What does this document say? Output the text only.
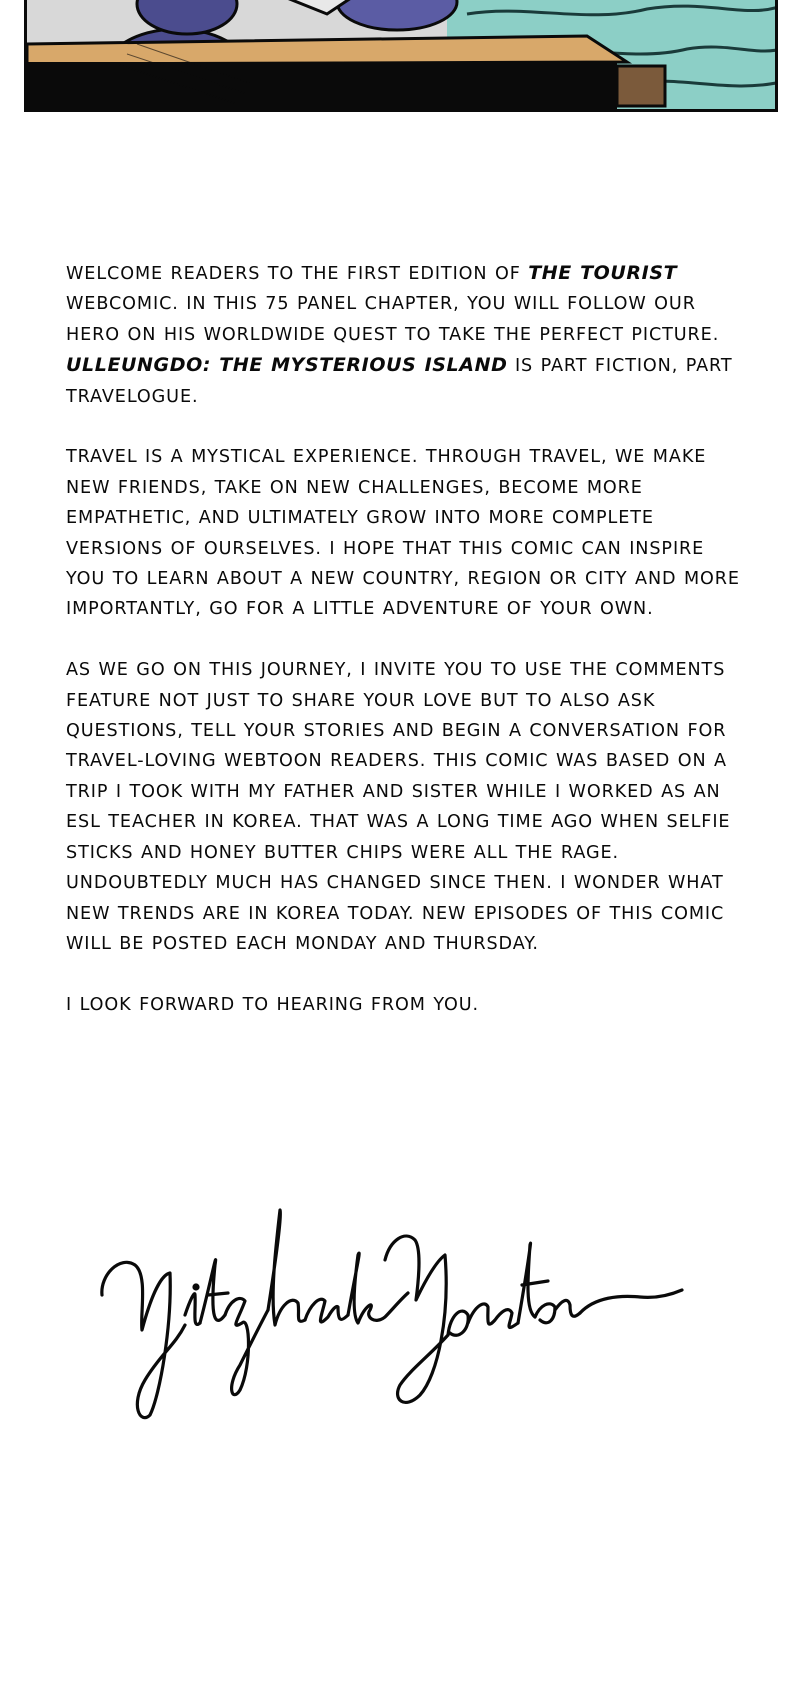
WELCOME READERS TO THE FIRST EDITION OF THE TOURIST WEBCOMIC. IN THIS 75 PANEL CHAPTER, YOU WILL FOLLOW OUR HERO ON HIS WORLDWIDE QUEST TO TAKE THE PERFECT PICTURE. ULLEUNGDO: THE MYSTERIOUS ISLAND IS PART FICTION, PART TRAVELOGUE.

TRAVEL IS A MYSTICAL EXPERIENCE. THROUGH TRAVEL, WE MAKE NEW FRIENDS, TAKE ON NEW CHALLENGES, BECOME MORE EMPATHETIC, AND ULTIMATELY GROW INTO MORE COMPLETE VERSIONS OF OURSELVES. I HOPE THAT THIS COMIC CAN INSPIRE YOU TO LEARN ABOUT A NEW COUNTRY, REGION OR CITY AND MORE IMPORTANTLY, GO FOR A LITTLE ADVENTURE OF YOUR OWN.

AS WE GO ON THIS JOURNEY, I INVITE YOU TO USE THE COMMENTS FEATURE NOT JUST TO SHARE YOUR LOVE BUT TO ALSO ASK QUESTIONS, TELL YOUR STORIES AND BEGIN A CONVERSATION FOR TRAVEL-LOVING WEBTOON READERS. THIS COMIC WAS BASED ON A TRIP I TOOK WITH MY FATHER AND SISTER WHILE I WORKED AS AN ESL TEACHER IN KOREA. THAT WAS A LONG TIME AGO WHEN SELFIE STICKS AND HONEY BUTTER CHIPS WERE ALL THE RAGE. UNDOUBTEDLY MUCH HAS CHANGED SINCE THEN. I WONDER WHAT NEW TRENDS ARE IN KOREA TODAY. NEW EPISODES OF THIS COMIC WILL BE POSTED EACH MONDAY AND THURSDAY.

I LOOK FORWARD TO HEARING FROM YOU.
